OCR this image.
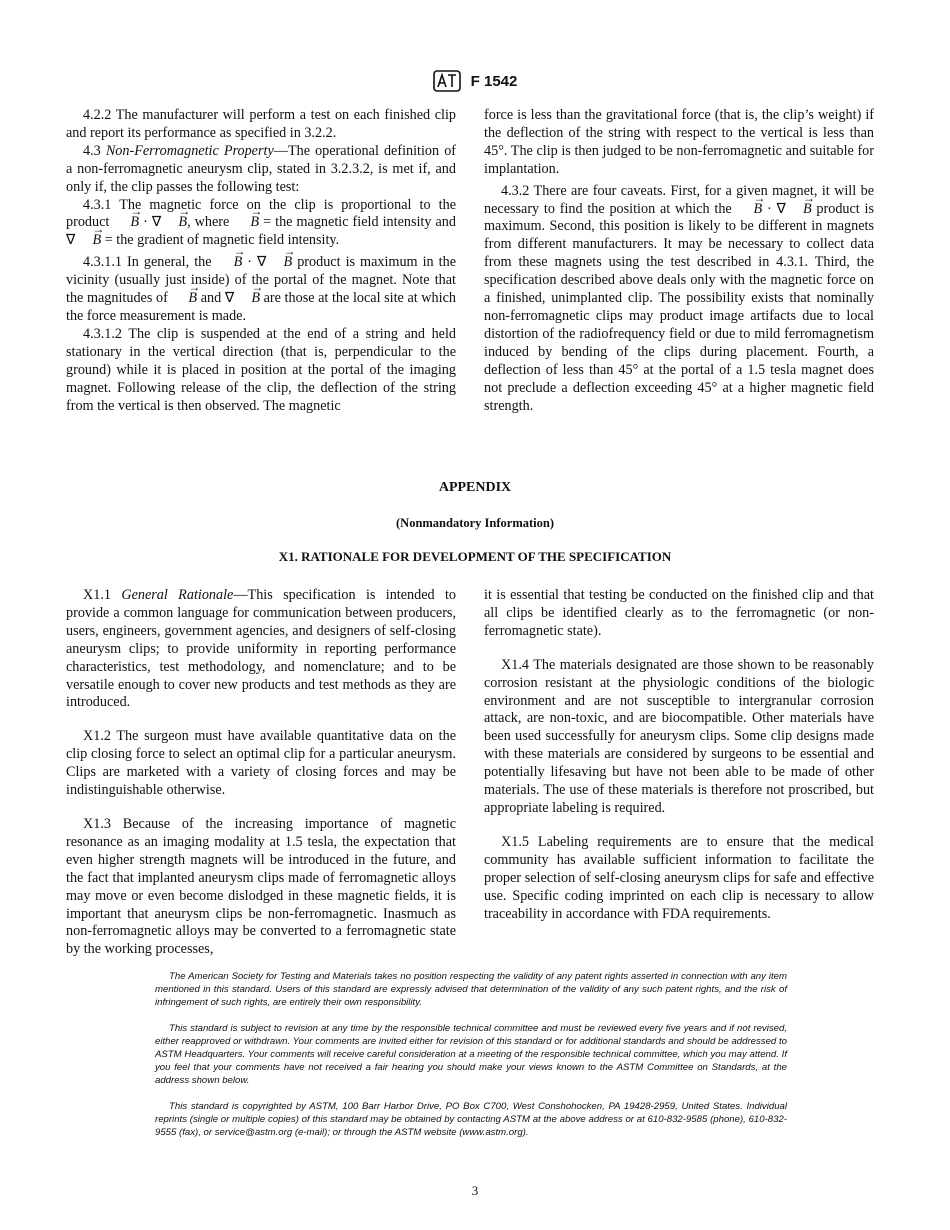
F 1542

4.2.2 The manufacturer will perform a test on each finished clip and report its performance as specified in 3.2.2.

4.3 Non-Ferromagnetic Property—The operational definition of a non-ferromagnetic aneurysm clip, stated in 3.2.3.2, is met if, and only if, the clip passes the following test:

4.3.1 The magnetic force on the clip is proportional to the product → B · ∇ → B, where → B = the magnetic field intensity and ∇ → B = the gradient of magnetic field intensity.

4.3.1.1 In general, the → B · ∇ → B product is maximum in the vicinity (usually just inside) of the portal of the magnet. Note that the magnitudes of → B and ∇ → B are those at the local site at which the force measurement is made.

4.3.1.2 The clip is suspended at the end of a string and held stationary in the vertical direction (that is, perpendicular to the ground) while it is placed in position at the portal of the imaging magnet. Following release of the clip, the deflection of the string from the vertical is then observed. The magnetic

force is less than the gravitational force (that is, the clip’s weight) if the deflection of the string with respect to the vertical is less than 45°. The clip is then judged to be non-ferromagnetic and suitable for implantation.

4.3.2 There are four caveats. First, for a given magnet, it will be necessary to find the position at which the → B · ∇ → B product is maximum. Second, this position is likely to be different in magnets from different manufacturers. It may be necessary to collect data from these magnets using the test described in 4.3.1. Third, the specification described above deals only with the magnetic force on a finished, unimplanted clip. The possibility exists that nominally non-ferromagnetic clips may product image artifacts due to local distortion of the radiofrequency field or due to mild ferromagnetism induced by bending of the clips during placement. Fourth, a deflection of less than 45° at the portal of a 1.5 tesla magnet does not preclude a deflection exceeding 45° at a higher magnetic field strength.

APPENDIX
(Nonmandatory Information)
X1. RATIONALE FOR DEVELOPMENT OF THE SPECIFICATION

X1.1 General Rationale—This specification is intended to provide a common language for communication between producers, users, engineers, government agencies, and designers of self-closing aneurysm clips; to provide uniformity in reporting performance characteristics, test methodology, and nomenclature; and to be versatile enough to cover new products and test methods as they are introduced.

X1.2 The surgeon must have available quantitative data on the clip closing force to select an optimal clip for a particular aneurysm. Clips are marketed with a variety of closing forces and may be indistinguishable otherwise.

X1.3 Because of the increasing importance of magnetic resonance as an imaging modality at 1.5 tesla, the expectation that even higher strength magnets will be introduced in the future, and the fact that implanted aneurysm clips made of ferromagnetic alloys may move or even become dislodged in these magnetic fields, it is important that aneurysm clips be non-ferromagnetic. Inasmuch as non-ferromagnetic alloys may be converted to a ferromagnetic state by the working processes,

it is essential that testing be conducted on the finished clip and that all clips be identified clearly as to the ferromagnetic (or non-ferromagnetic state).

X1.4 The materials designated are those shown to be reasonably corrosion resistant at the physiologic conditions of the biologic environment and are not susceptible to intergranular corrosion attack, are non-toxic, and are biocompatible. Other materials have been used successfully for aneurysm clips. Some clip designs made with these materials are considered by surgeons to be essential and potentially lifesaving but have not been able to be made of other materials. The use of these materials is therefore not proscribed, but appropriate labeling is required.

X1.5 Labeling requirements are to ensure that the medical community has available sufficient information to facilitate the proper selection of self-closing aneurysm clips for safe and effective use. Specific coding imprinted on each clip is necessary to allow traceability in accordance with FDA requirements.

The American Society for Testing and Materials takes no position respecting the validity of any patent rights asserted in connection with any item mentioned in this standard. Users of this standard are expressly advised that determination of the validity of any such patent rights, and the risk of infringement of such rights, are entirely their own responsibility.

This standard is subject to revision at any time by the responsible technical committee and must be reviewed every five years and if not revised, either reapproved or withdrawn. Your comments are invited either for revision of this standard or for additional standards and should be addressed to ASTM Headquarters. Your comments will receive careful consideration at a meeting of the responsible technical committee, which you may attend. If you feel that your comments have not received a fair hearing you should make your views known to the ASTM Committee on Standards, at the address shown below.

This standard is copyrighted by ASTM, 100 Barr Harbor Drive, PO Box C700, West Conshohocken, PA 19428-2959, United States. Individual reprints (single or multiple copies) of this standard may be obtained by contacting ASTM at the above address or at 610-832-9585 (phone), 610-832-9555 (fax), or service@astm.org (e-mail); or through the ASTM website (www.astm.org).

3
